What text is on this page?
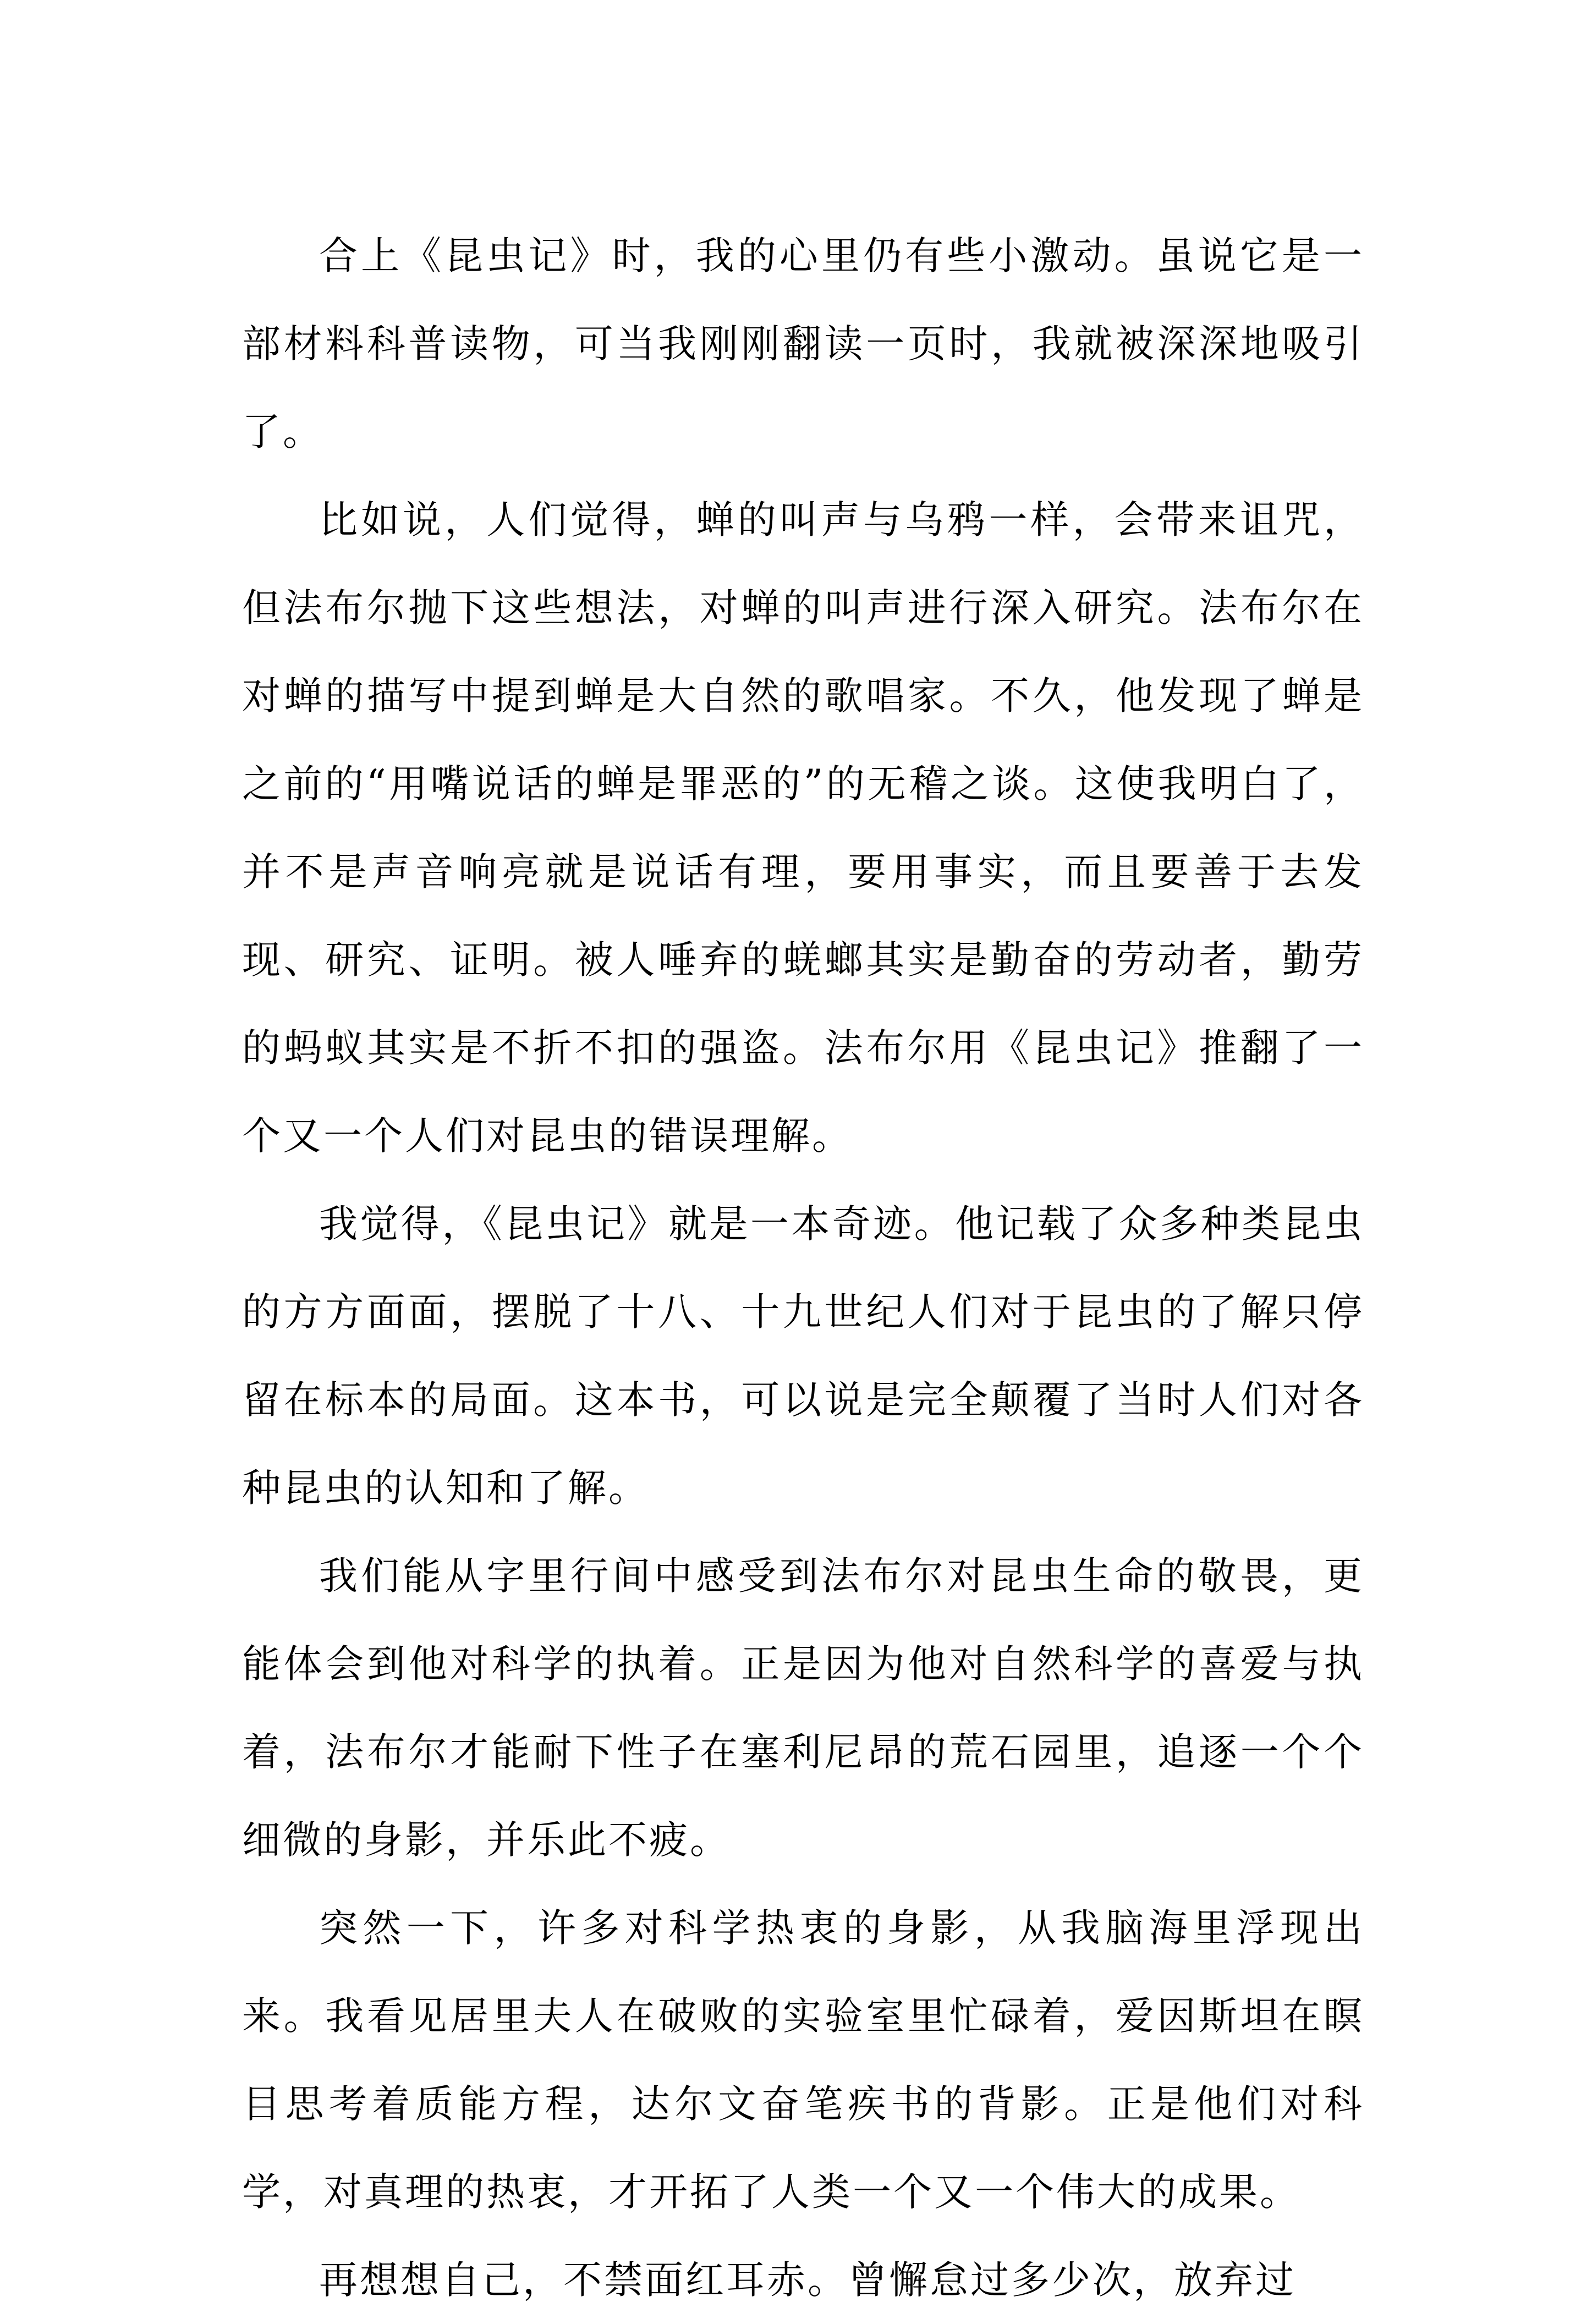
合上《昆虫记》时，我的心里仍有些小激动。虽说它是一部材料科普读物，可当我刚刚翻读一页时，我就被深深地吸引了。

比如说，人们觉得，蝉的叫声与乌鸦一样，会带来诅咒，但法布尔抛下这些想法，对蝉的叫声进行深入研究。法布尔在对蝉的描写中提到蝉是大自然的歌唱家。不久，他发现了蝉是之前的“用嘴说话的蝉是罪恶的”的无稽之谈。这使我明白了，并不是声音响亮就是说话有理，要用事实，而且要善于去发现、研究、证明。被人唾弃的蜣螂其实是勤奋的劳动者，勤劳的蚂蚁其实是不折不扣的强盗。法布尔用《昆虫记》推翻了一个又一个人们对昆虫的错误理解。

我觉得，《昆虫记》就是一本奇迹。他记载了众多种类昆虫的方方面面，摆脱了十八、十九世纪人们对于昆虫的了解只停留在标本的局面。这本书，可以说是完全颠覆了当时人们对各种昆虫的认知和了解。

我们能从字里行间中感受到法布尔对昆虫生命的敬畏，更能体会到他对科学的执着。正是因为他对自然科学的喜爱与执着，法布尔才能耐下性子在塞利尼昂的荒石园里，追逐一个个细微的身影，并乐此不疲。

突然一下，许多对科学热衷的身影，从我脑海里浮现出来。我看见居里夫人在破败的实验室里忙碌着，爱因斯坦在瞑目思考着质能方程，达尔文奋笔疾书的背影。正是他们对科学，对真理的热衷，才开拓了人类一个又一个伟大的成果。

再想想自己，不禁面红耳赤。曾懈怠过多少次，放弃过
